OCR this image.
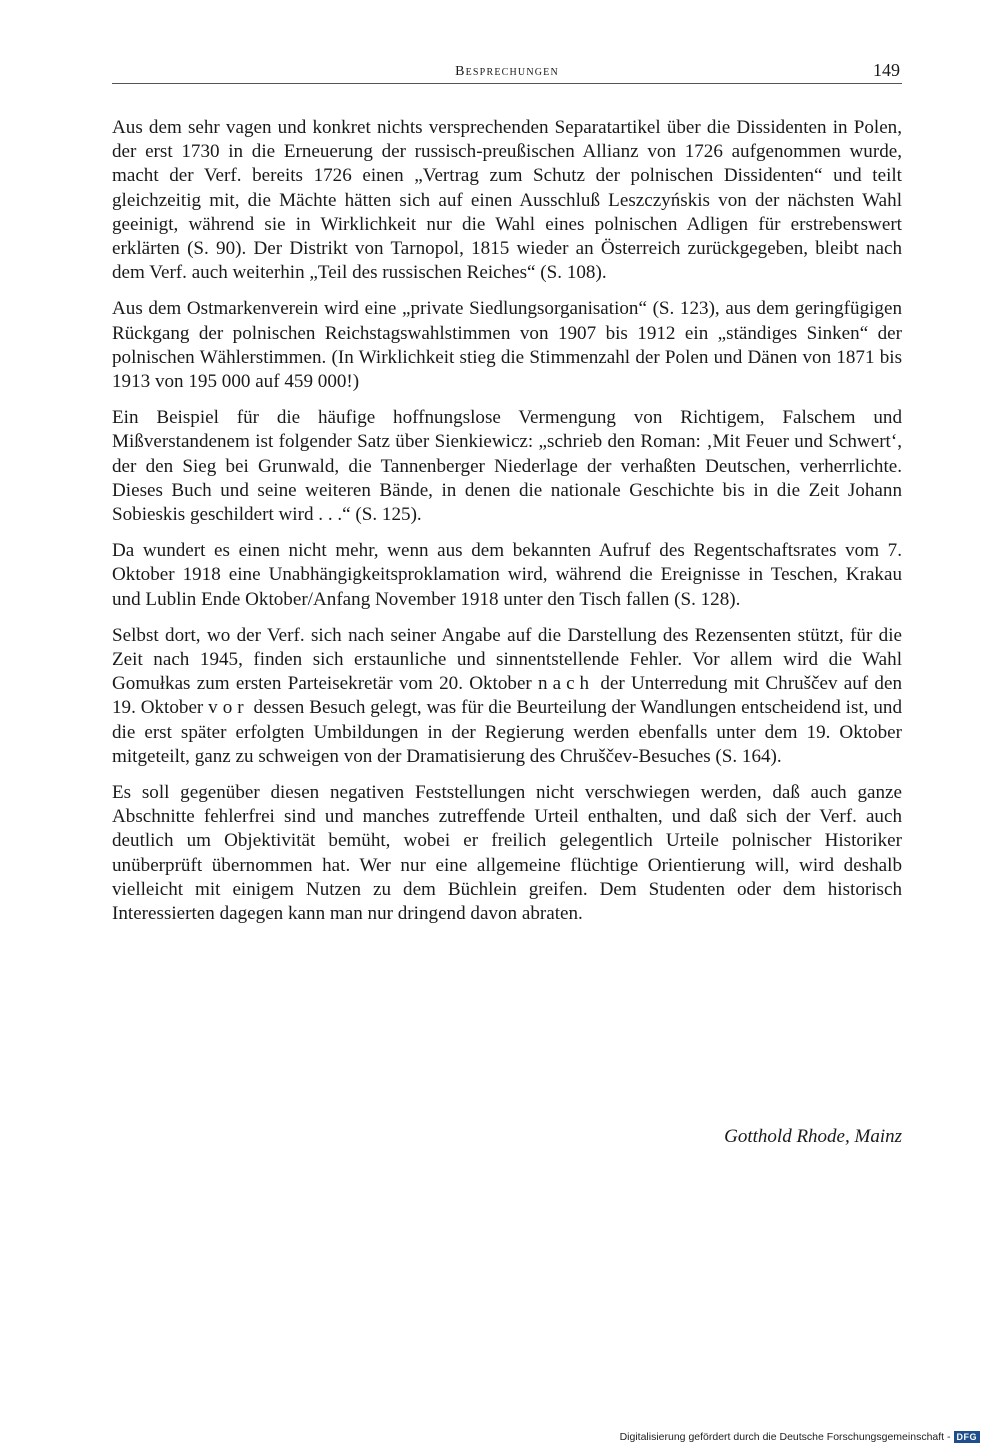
Besprechungen	149

Aus dem sehr vagen und konkret nichts versprechenden Separatartikel über die Dissidenten in Polen, der erst 1730 in die Erneuerung der russisch-preußischen Allianz von 1726 aufgenommen wurde, macht der Verf. bereits 1726 einen „Vertrag zum Schutz der polnischen Dissidenten“ und teilt gleichzeitig mit, die Mächte hätten sich auf einen Ausschluß Leszczyńskis von der nächsten Wahl geeinigt, während sie in Wirklichkeit nur die Wahl eines polnischen Adligen für erstrebenswert erklärten (S. 90). Der Distrikt von Tarnopol, 1815 wieder an Österreich zurückgegeben, bleibt nach dem Verf. auch weiterhin „Teil des russischen Reiches“ (S. 108).

Aus dem Ostmarkenverein wird eine „private Siedlungsorganisation“ (S. 123), aus dem geringfügigen Rückgang der polnischen Reichstagswahlstimmen von 1907 bis 1912 ein „ständiges Sinken“ der polnischen Wählerstimmen. (In Wirklichkeit stieg die Stimmenzahl der Polen und Dänen von 1871 bis 1913 von 195 000 auf 459 000!)

Ein Beispiel für die häufige hoffnungslose Vermengung von Richtigem, Falschem und Mißverstandenem ist folgender Satz über Sienkiewicz: „schrieb den Roman: ‚Mit Feuer und Schwert‘, der den Sieg bei Grunwald, die Tannenberger Niederlage der verhaßten Deutschen, verherrlichte. Dieses Buch und seine weiteren Bände, in denen die nationale Geschichte bis in die Zeit Johann Sobieskis geschildert wird . . .“ (S. 125).

Da wundert es einen nicht mehr, wenn aus dem bekannten Aufruf des Regentschaftsrates vom 7. Oktober 1918 eine Unabhängigkeitsproklamation wird, während die Ereignisse in Teschen, Krakau und Lublin Ende Oktober/Anfang November 1918 unter den Tisch fallen (S. 128).

Selbst dort, wo der Verf. sich nach seiner Angabe auf die Darstellung des Rezensenten stützt, für die Zeit nach 1945, finden sich erstaunliche und sinnentstellende Fehler. Vor allem wird die Wahl Gomułkas zum ersten Parteisekretär vom 20. Oktober nach der Unterredung mit Chruščev auf den 19. Oktober vor dessen Besuch gelegt, was für die Beurteilung der Wandlungen entscheidend ist, und die erst später erfolgten Umbildungen in der Regierung werden ebenfalls unter dem 19. Oktober mitgeteilt, ganz zu schweigen von der Dramatisierung des Chruščev-Besuches (S. 164).

Es soll gegenüber diesen negativen Feststellungen nicht verschwiegen werden, daß auch ganze Abschnitte fehlerfrei sind und manches zutreffende Urteil enthalten, und daß sich der Verf. auch deutlich um Objektivität bemüht, wobei er freilich gelegentlich Urteile polnischer Historiker unüberprüft übernommen hat. Wer nur eine allgemeine flüchtige Orientierung will, wird deshalb vielleicht mit einigem Nutzen zu dem Büchlein greifen. Dem Studenten oder dem historisch Interessierten dagegen kann man nur dringend davon abraten.

Gotthold Rhode, Mainz
Digitalisierung gefördert durch die Deutsche Forschungsgemeinschaft - DFG
